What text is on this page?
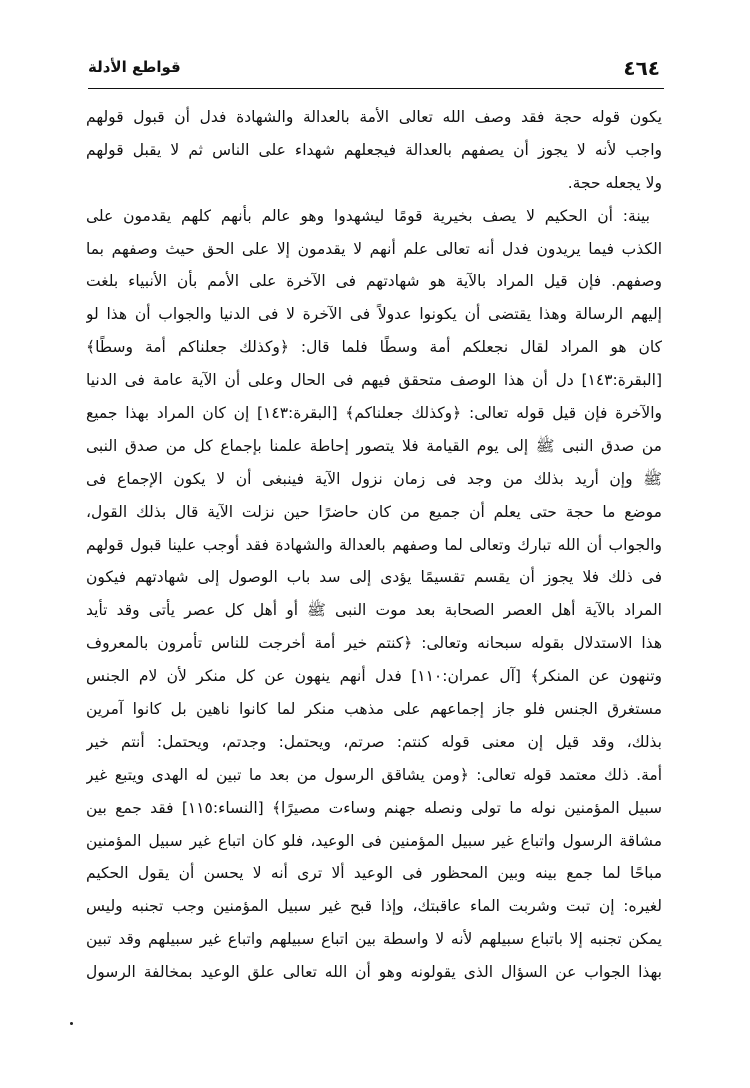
قواطع الأدلة	٤٦٤
يكون قوله حجة فقد وصف الله تعالى الأمة بالعدالة والشهادة فدل أن قبول قولهم
واجب لأنه لا يجوز أن يصفهم بالعدالة فيجعلهم شهداء على الناس ثم لا يقبل قولهم
ولا يجعله حجة.
بينة: أن الحكيم لا يصف بخيرية قومًا ليشهدوا وهو عالم بأنهم كلهم يقدمون على
الكذب فيما يريدون فدل أنه تعالى علم أنهم لا يقدمون إلا على الحق حيث وصفهم بما
وصفهم. فإن قيل المراد بالآية هو شهادتهم فى الآخرة على الأمم بأن الأنبياء بلغت
إليهم الرسالة وهذا يقتضى أن يكونوا عدولاً فى الآخرة لا فى الدنيا والجواب أن هذا لو
كان هو المراد لقال نجعلكم أمة وسطًا فلما قال: ﴿وكذلك جعلناكم أمة وسطًا﴾
[البقرة:١٤٣] دل أن هذا الوصف متحقق فيهم فى الحال وعلى أن الآية عامة فى الدنيا
والآخرة فإن قيل قوله تعالى: ﴿وكذلك جعلناكم﴾ [البقرة:١٤٣] إن كان المراد بهذا جميع
من صدق النبى ﷺ إلى يوم القيامة فلا يتصور إحاطة علمنا بإجماع كل من صدق النبى
ﷺ وإن أريد بذلك من وجد فى زمان نزول الآية فينبغى أن لا يكون الإجماع فى
موضع ما حجة حتى يعلم أن جميع من كان حاضرًا حين نزلت الآية قال بذلك القول،
والجواب أن الله تبارك وتعالى لما وصفهم بالعدالة والشهادة فقد أوجب علينا قبول قولهم
فى ذلك فلا يجوز أن يقسم تقسيمًا يؤدى إلى سد باب الوصول إلى شهادتهم فيكون
المراد بالآية أهل العصر الصحابة بعد موت النبى ﷺ أو أهل كل عصر يأتى وقد تأيد
هذا الاستدلال بقوله سبحانه وتعالى: ﴿كنتم خير أمة أخرجت للناس تأمرون بالمعروف
وتنهون عن المنكر﴾ [آل عمران:١١٠] فدل أنهم ينهون عن كل منكر لأن لام الجنس
مستغرق الجنس فلو جاز إجماعهم على مذهب منكر لما كانوا ناهين بل كانوا آمرين
بذلك، وقد قيل إن معنى قوله كنتم: صرتم، ويحتمل: وجدتم، ويحتمل: أنتم خير
أمة. ذلك معتمد قوله تعالى: ﴿ومن يشاقق الرسول من بعد ما تبين له الهدى ويتبع غير
سبيل المؤمنين نوله ما تولى ونصله جهنم وساءت مصيرًا﴾ [النساء:١١٥] فقد جمع بين
مشاقة الرسول واتباع غير سبيل المؤمنين فى الوعيد، فلو كان اتباع غير سبيل المؤمنين
مباحًا لما جمع بينه وبين المحظور فى الوعيد ألا ترى أنه لا يحسن أن يقول الحكيم
لغيره: إن تبت وشربت الماء عاقبتك، وإذا قبح غير سبيل المؤمنين وجب تجنبه وليس
يمكن تجنبه إلا باتباع سبيلهم لأنه لا واسطة بين اتباع سبيلهم واتباع غير سبيلهم وقد تبين
بهذا الجواب عن السؤال الذى يقولونه وهو أن الله تعالى علق الوعيد بمخالفة الرسول
